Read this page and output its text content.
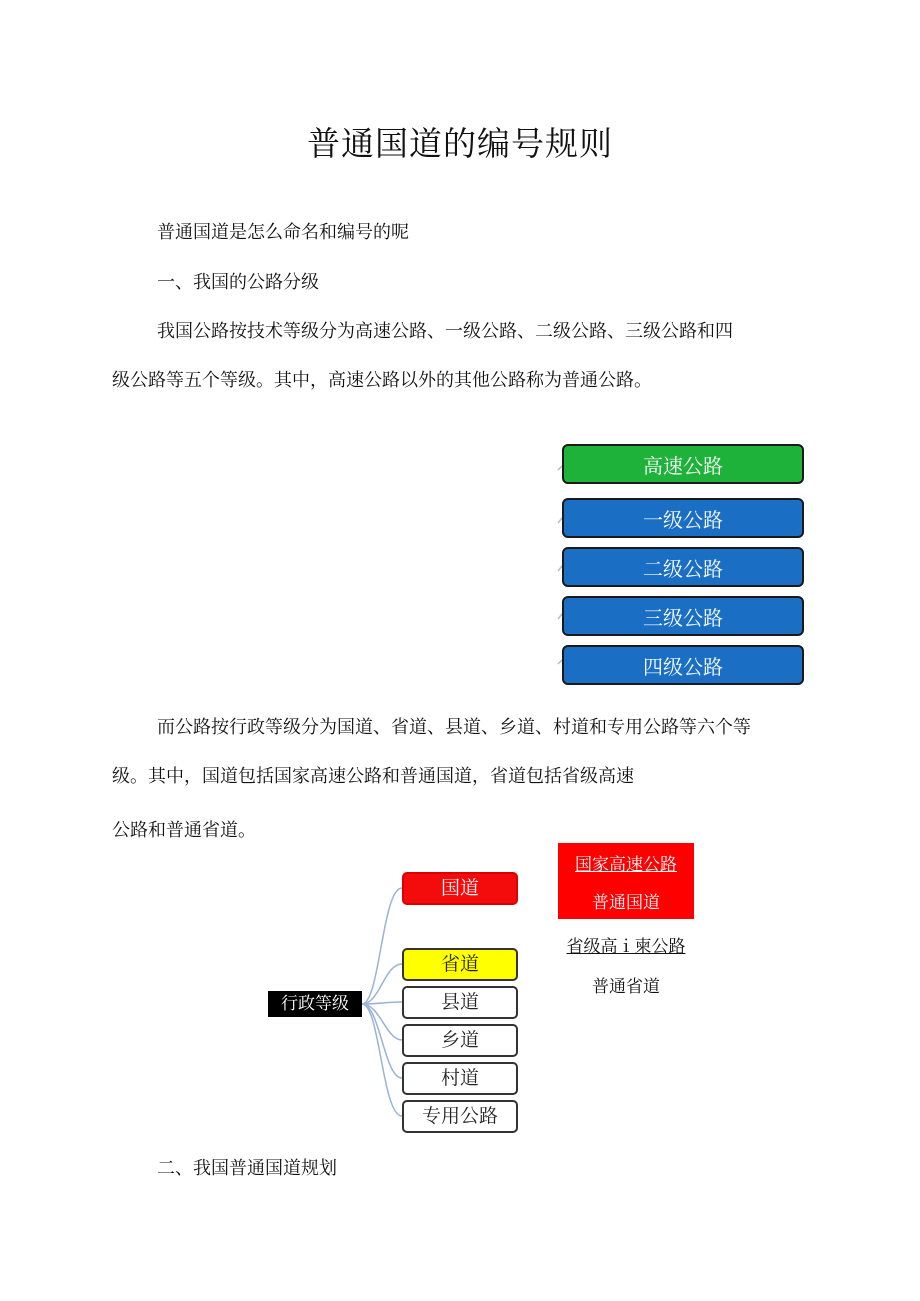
普通国道的编号规则
普通国道是怎么命名和编号的呢
一、我国的公路分级
我国公路按技术等级分为高速公路、一级公路、二级公路、三级公路和四
级公路等五个等级。其中，高速公路以外的其他公路称为普通公路。
高速公路
一级公路
二级公路
三级公路
四级公路
而公路按行政等级分为国道、省道、县道、乡道、村道和专用公路等六个等
级。其中，国道包括国家高速公路和普通国道，省道包括省级高速
公路和普通省道。
行政等级
国道
省道
县道
乡道
村道
专用公路
国家高速公路
普通国道
省级高ｉ柬公路
普通省道
二、我国普通国道规划
